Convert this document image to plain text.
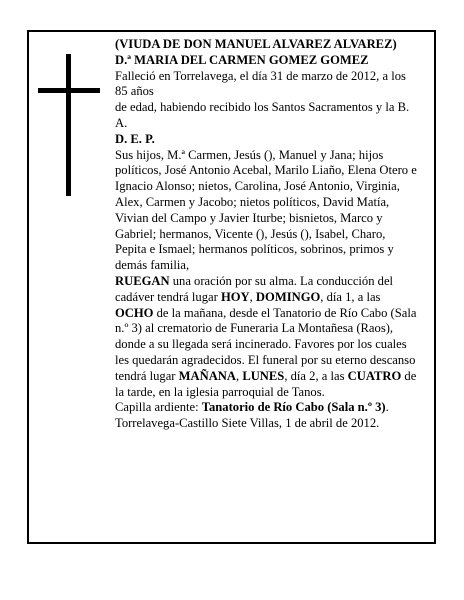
(VIUDA DE DON MANUEL ALVAREZ ALVAREZ)

D.ª MARIA DEL CARMEN GOMEZ GOMEZ

Falleció en Torrelavega, el día 31 de marzo de 2012, a los 85 años

de edad, habiendo recibido los Santos Sacramentos y la B. A.

D. E. P.

Sus hijos, M.ª Carmen, Jesús (), Manuel y Jana; hijos políticos, José Antonio Acebal, Marilo Liaño, Elena Otero e Ignacio Alonso; nietos, Carolina, José Antonio, Virginia, Alex, Carmen y Jacobo; nietos políticos, David Matía, Vivian del Campo y Javier Iturbe; bisnietos, Marco y Gabriel; hermanos, Vicente (), Jesús (), Isabel, Charo, Pepita e Ismael; hermanos políticos, sobrinos, primos y demás familia,

RUEGAN una oración por su alma. La conducción del cadáver tendrá lugar HOY, DOMINGO, día 1, a las OCHO de la mañana, desde el Tanatorio de Río Cabo (Sala n.º 3) al crematorio de Funeraria La Montañesa (Raos), donde a su llegada será incinerado. Favores por los cuales les quedarán agradecidos. El funeral por su eterno descanso tendrá lugar MAÑANA, LUNES, día 2, a las CUATRO de la tarde, en la iglesia parroquial de Tanos.

Capilla ardiente: Tanatorio de Río Cabo (Sala n.º 3).

Torrelavega-Castillo Siete Villas, 1 de abril de 2012.
